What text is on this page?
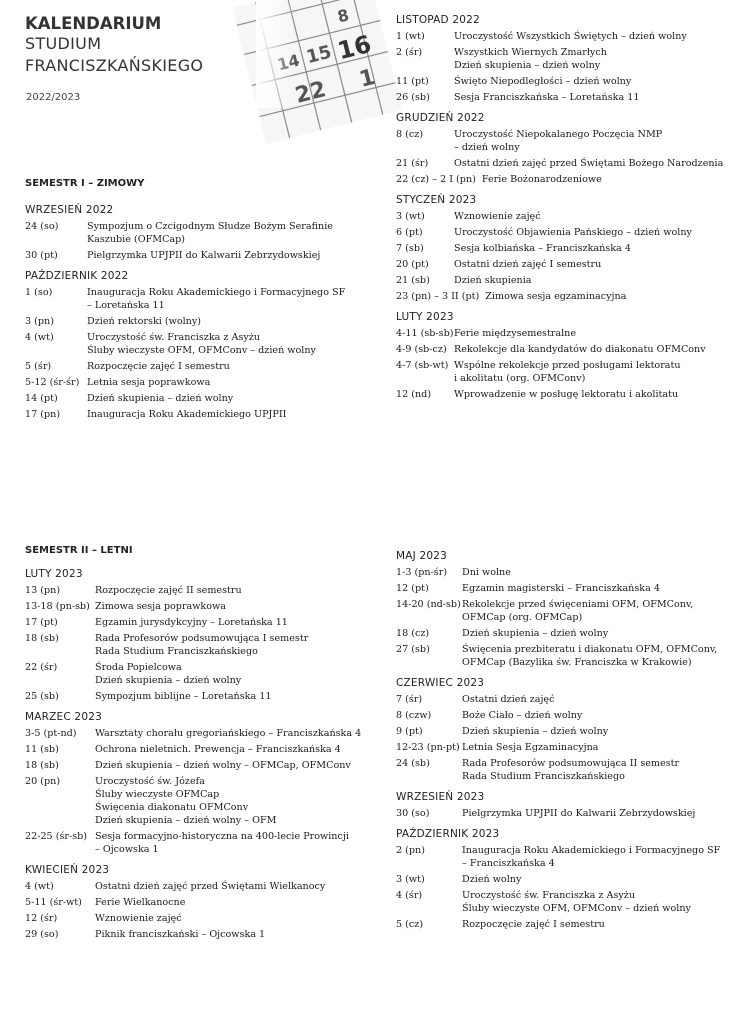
KALENDARIUM
STUDIUM
FRANCISZKAŃSKIEGO
2022/2023
SEMESTR I – ZIMOWY
WRZESIEŃ 2022
24 (so)	Sympozjum o Czcigodnym Słudze Bożym Serafinie
Kaszubie (OFMCap)
30 (pt)	Pielgrzymka UPJPII do Kalwarii Zebrzydowskiej
PAŹDZIERNIK 2022
1 (so)	Inauguracja Roku Akademickiego i Formacyjnego SF
– Loretańska 11
3 (pn)	Dzień rektorski (wolny)
4 (wt)	Uroczystość św. Franciszka z Asyżu
Śluby wieczyste OFM, OFMConv – dzień wolny
5 (śr)	Rozpoczęcie zajęć I semestru
5-12 (śr-śr) Letnia sesja poprawkowa
14 (pt)	Dzień skupienia – dzień wolny
17 (pn)	Inauguracja Roku Akademickiego UPJPII
LISTOPAD 2022
1 (wt)	Uroczystość Wszystkich Świętych – dzień wolny
2 (śr)	Wszystkich Wiernych Zmarłych
Dzień skupienia – dzień wolny
11 (pt)	Święto Niepodległości – dzień wolny
26 (sb)	Sesja Franciszkańska – Loretańska 11
GRUDZIEŃ 2022
8 (cz)	Uroczystość Niepokalanego Poczęcia NMP
– dzień wolny
21 (śr)	Ostatni dzień zajęć przed Świętami Bożego Narodzenia
22 (cz) – 2 I (pn) Ferie Bożonarodzeniowe
STYCZEŃ 2023
3 (wt)	Wznowienie zajęć
6 (pt)	Uroczystość Objawienia Pańskiego – dzień wolny
7 (sb)	Sesja kolbiańska – Franciszkańska 4
20 (pt)	Ostatni dzień zajęć I semestru
21 (sb)	Dzień skupienia
23 (pn) – 3 II (pt) Zimowa sesja egzaminacyjna
LUTY 2023
4-11 (sb-sb) Ferie międzysemestralne
4-9 (sb-cz) Rekolekcje dla kandydatów do diakonatu OFMConv
4-7 (sb-wt) Wspólne rekolekcje przed posługami lektoratu
i akolitatu (org. OFMConv)
12 (nd)	Wprowadzenie w posługę lektoratu i akolitatu
SEMESTR II – LETNI
LUTY 2023
13 (pn)	Rozpoczęcie zajęć II semestru
13-18 (pn-sb) Zimowa sesja poprawkowa
17 (pt)	Egzamin jurysdykcyjny – Loretańska 11
18 (sb)	Rada Profesorów podsumowująca I semestr
Rada Studium Franciszkańskiego
22 (śr)	Środa Popielcowa
Dzień skupienia – dzień wolny
25 (sb)	Sympozjum biblijne – Loretańska 11
MARZEC 2023
3-5 (pt-nd)	Warsztaty chorału gregoriańskiego – Franciszkańska 4
11 (sb)	Ochrona nieletnich. Prewencja – Franciszkańska 4
18 (sb)	Dzień skupienia – dzień wolny – OFMCap, OFMConv
20 (pn)	Uroczystość św. Józefa
Śluby wieczyste OFMCap
Święcenia diakonatu OFMConv
Dzień skupienia – dzień wolny – OFM
22-25 (śr-sb) Sesja formacyjno-historyczna na 400-lecie Prowincji
– Ojcowska 1
KWIECIEŃ 2023
4 (wt)	Ostatni dzień zajęć przed Świętami Wielkanocy
5-11 (śr-wt)	Ferie Wielkanocne
12 (śr)	Wznowienie zajęć
29 (so)	Piknik franciszkański – Ojcowska 1
MAJ 2023
1-3 (pn-śr)	Dni wolne
12 (pt)	Egzamin magisterski – Franciszkańska 4
14-20 (nd-sb) Rekolekcje przed święceniami OFM, OFMConv,
OFMCap (org. OFMCap)
18 (cz)	Dzień skupienia – dzień wolny
27 (sb)	Święcenia prezbiteratu i diakonatu OFM, OFMConv,
OFMCap (Bazylika św. Franciszka w Krakowie)
CZERWIEC 2023
7 (śr)	Ostatni dzień zajęć
8 (czw)	Boże Ciało – dzień wolny
9 (pt)	Dzień skupienia – dzień wolny
12-23 (pn-pt) Letnia Sesja Egzaminacyjna
24 (sb)	Rada Profesorów podsumowująca II semestr
Rada Studium Franciszkańskiego
WRZESIEŃ 2023
30 (so)	Pielgrzymka UPJPII do Kalwarii Zebrzydowskiej
PAŹDZIERNIK 2023
2 (pn)	Inauguracja Roku Akademickiego i Formacyjnego SF
– Franciszkańska 4
3 (wt)	Dzień wolny
4 (śr)	Uroczystość św. Franciszka z Asyżu
Śluby wieczyste OFM, OFMConv – dzień wolny
5 (cz)	Rozpoczęcie zajęć I semestru
